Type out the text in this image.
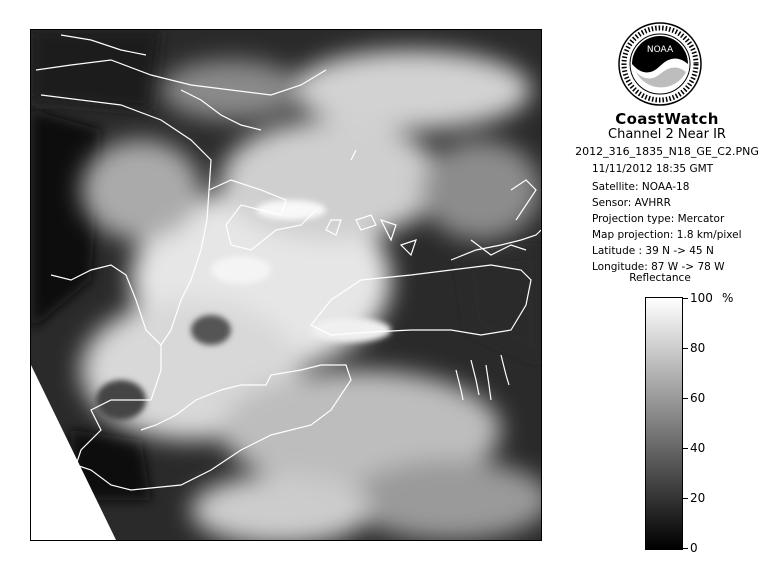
NOAA
CoastWatch
Channel 2 Near IR
2012_316_1835_N18_GE_C2.PNG
11/11/2012 18:35 GMT
Satellite: NOAA-18
Sensor: AVHRR
Projection type: Mercator
Map projection: 1.8 km/pixel
Latitude : 39 N -> 45 N
Longitude: 87 W -> 78 W
Reflectance
%
100
80
60
40
20
0
